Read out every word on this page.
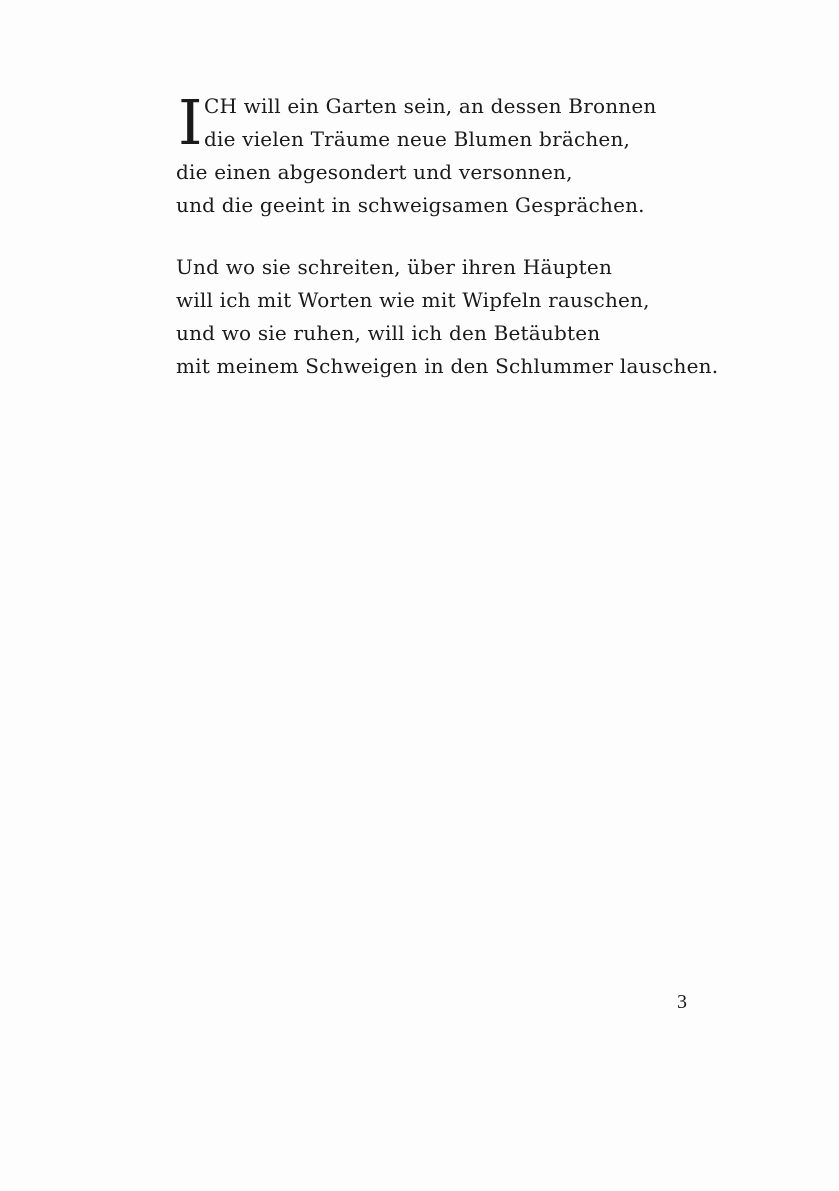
I CH will ein Garten sein, an dessen Bronnen
die vielen Träume neue Blumen brächen,
die einen abgesondert und versonnen,
und die geeint in schweigsamen Gesprächen.
Und wo sie schreiten, über ihren Häupten
will ich mit Worten wie mit Wipfeln rauschen,
und wo sie ruhen, will ich den Betäubten
mit meinem Schweigen in den Schlummer lauschen.
3
